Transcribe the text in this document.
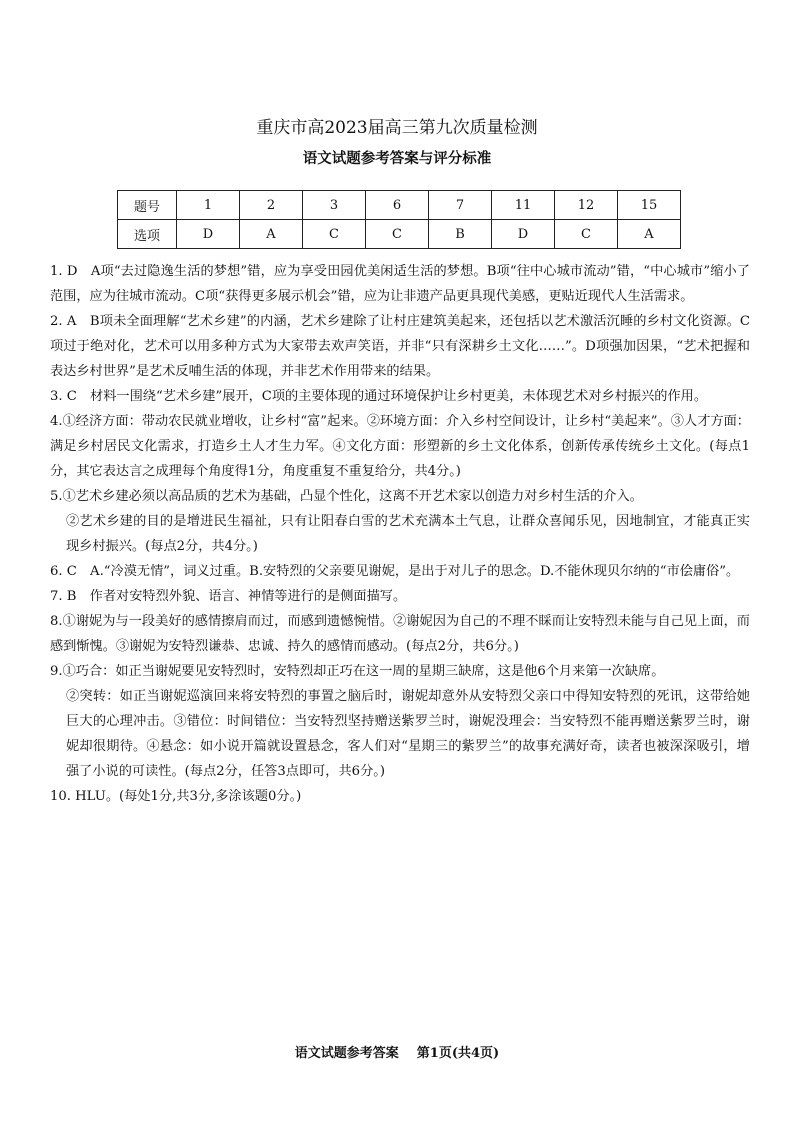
重庆市高2023届高三第九次质量检测
语文试题参考答案与评分标准
题号	1	2	3	6	7	11	12	15
选项	D	A	C	C	B	D	C	A

1. D　A项“去过隐逸生活的梦想”错，应为享受田园优美闲适生活的梦想。B项“往中心城市流动”错，“中心城市”缩小了范围，应为往城市流动。C项“获得更多展示机会”错，应为让非遗产品更具现代美感，更贴近现代人生活需求。

2. A　B项未全面理解“艺术乡建”的内涵，艺术乡建除了让村庄建筑美起来，还包括以艺术激活沉睡的乡村文化资源。C项过于绝对化，艺术可以用多种方式为大家带去欢声笑语，并非“只有深耕乡土文化……”。D项强加因果，“艺术把握和表达乡村世界”是艺术反哺生活的体现，并非艺术作用带来的结果。

3. C　材料一围绕“艺术乡建”展开，C项的主要体现的通过环境保护让乡村更美，未体现艺术对乡村振兴的作用。

4.①经济方面：带动农民就业增收，让乡村“富”起来。②环境方面：介入乡村空间设计，让乡村“美起来”。③人才方面：满足乡村居民文化需求，打造乡土人才生力军。④文化方面：形塑新的乡土文化体系，创新传承传统乡土文化。(每点1分，其它表达言之成理每个角度得1分，角度重复不重复给分，共4分。)

5.①艺术乡建必须以高品质的艺术为基础，凸显个性化，这离不开艺术家以创造力对乡村生活的介入。

②艺术乡建的目的是增进民生福祉，只有让阳春白雪的艺术充满本土气息，让群众喜闻乐见，因地制宜，才能真正实现乡村振兴。(每点2分，共4分。)

6. C　A.“冷漠无情”，词义过重。B.安特烈的父亲要见谢妮，是出于对儿子的思念。D.不能休现贝尔纳的“市侩庸俗”。

7. B　作者对安特烈外貌、语言、神情等进行的是侧面描写。

8.①谢妮为与一段美好的感情擦肩而过，而感到遗憾惋惜。②谢妮因为自己的不理不睬而让安特烈未能与自己见上面，而感到惭愧。③谢妮为安特烈谦恭、忠诚、持久的感情而感动。(每点2分，共6分。)

9.①巧合：如正当谢妮要见安特烈时，安特烈却正巧在这一周的星期三缺席，这是他6个月来第一次缺席。

②突转：如正当谢妮巡演回来将安特烈的事置之脑后时，谢妮却意外从安特烈父亲口中得知安特烈的死讯，这带给她巨大的心理冲击。③错位：时间错位：当安特烈坚持赠送紫罗兰时，谢妮没理会：当安特烈不能再赠送紫罗兰时，谢妮却很期待。④悬念：如小说开篇就设置悬念，客人们对“星期三的紫罗兰”的故事充满好奇，读者也被深深吸引，增强了小说的可读性。(每点2分，任答3点即可，共6分。)

10. HLU。(每处1分,共3分,多涂该题0分。)

语文试题参考答案 第1页(共4页)
